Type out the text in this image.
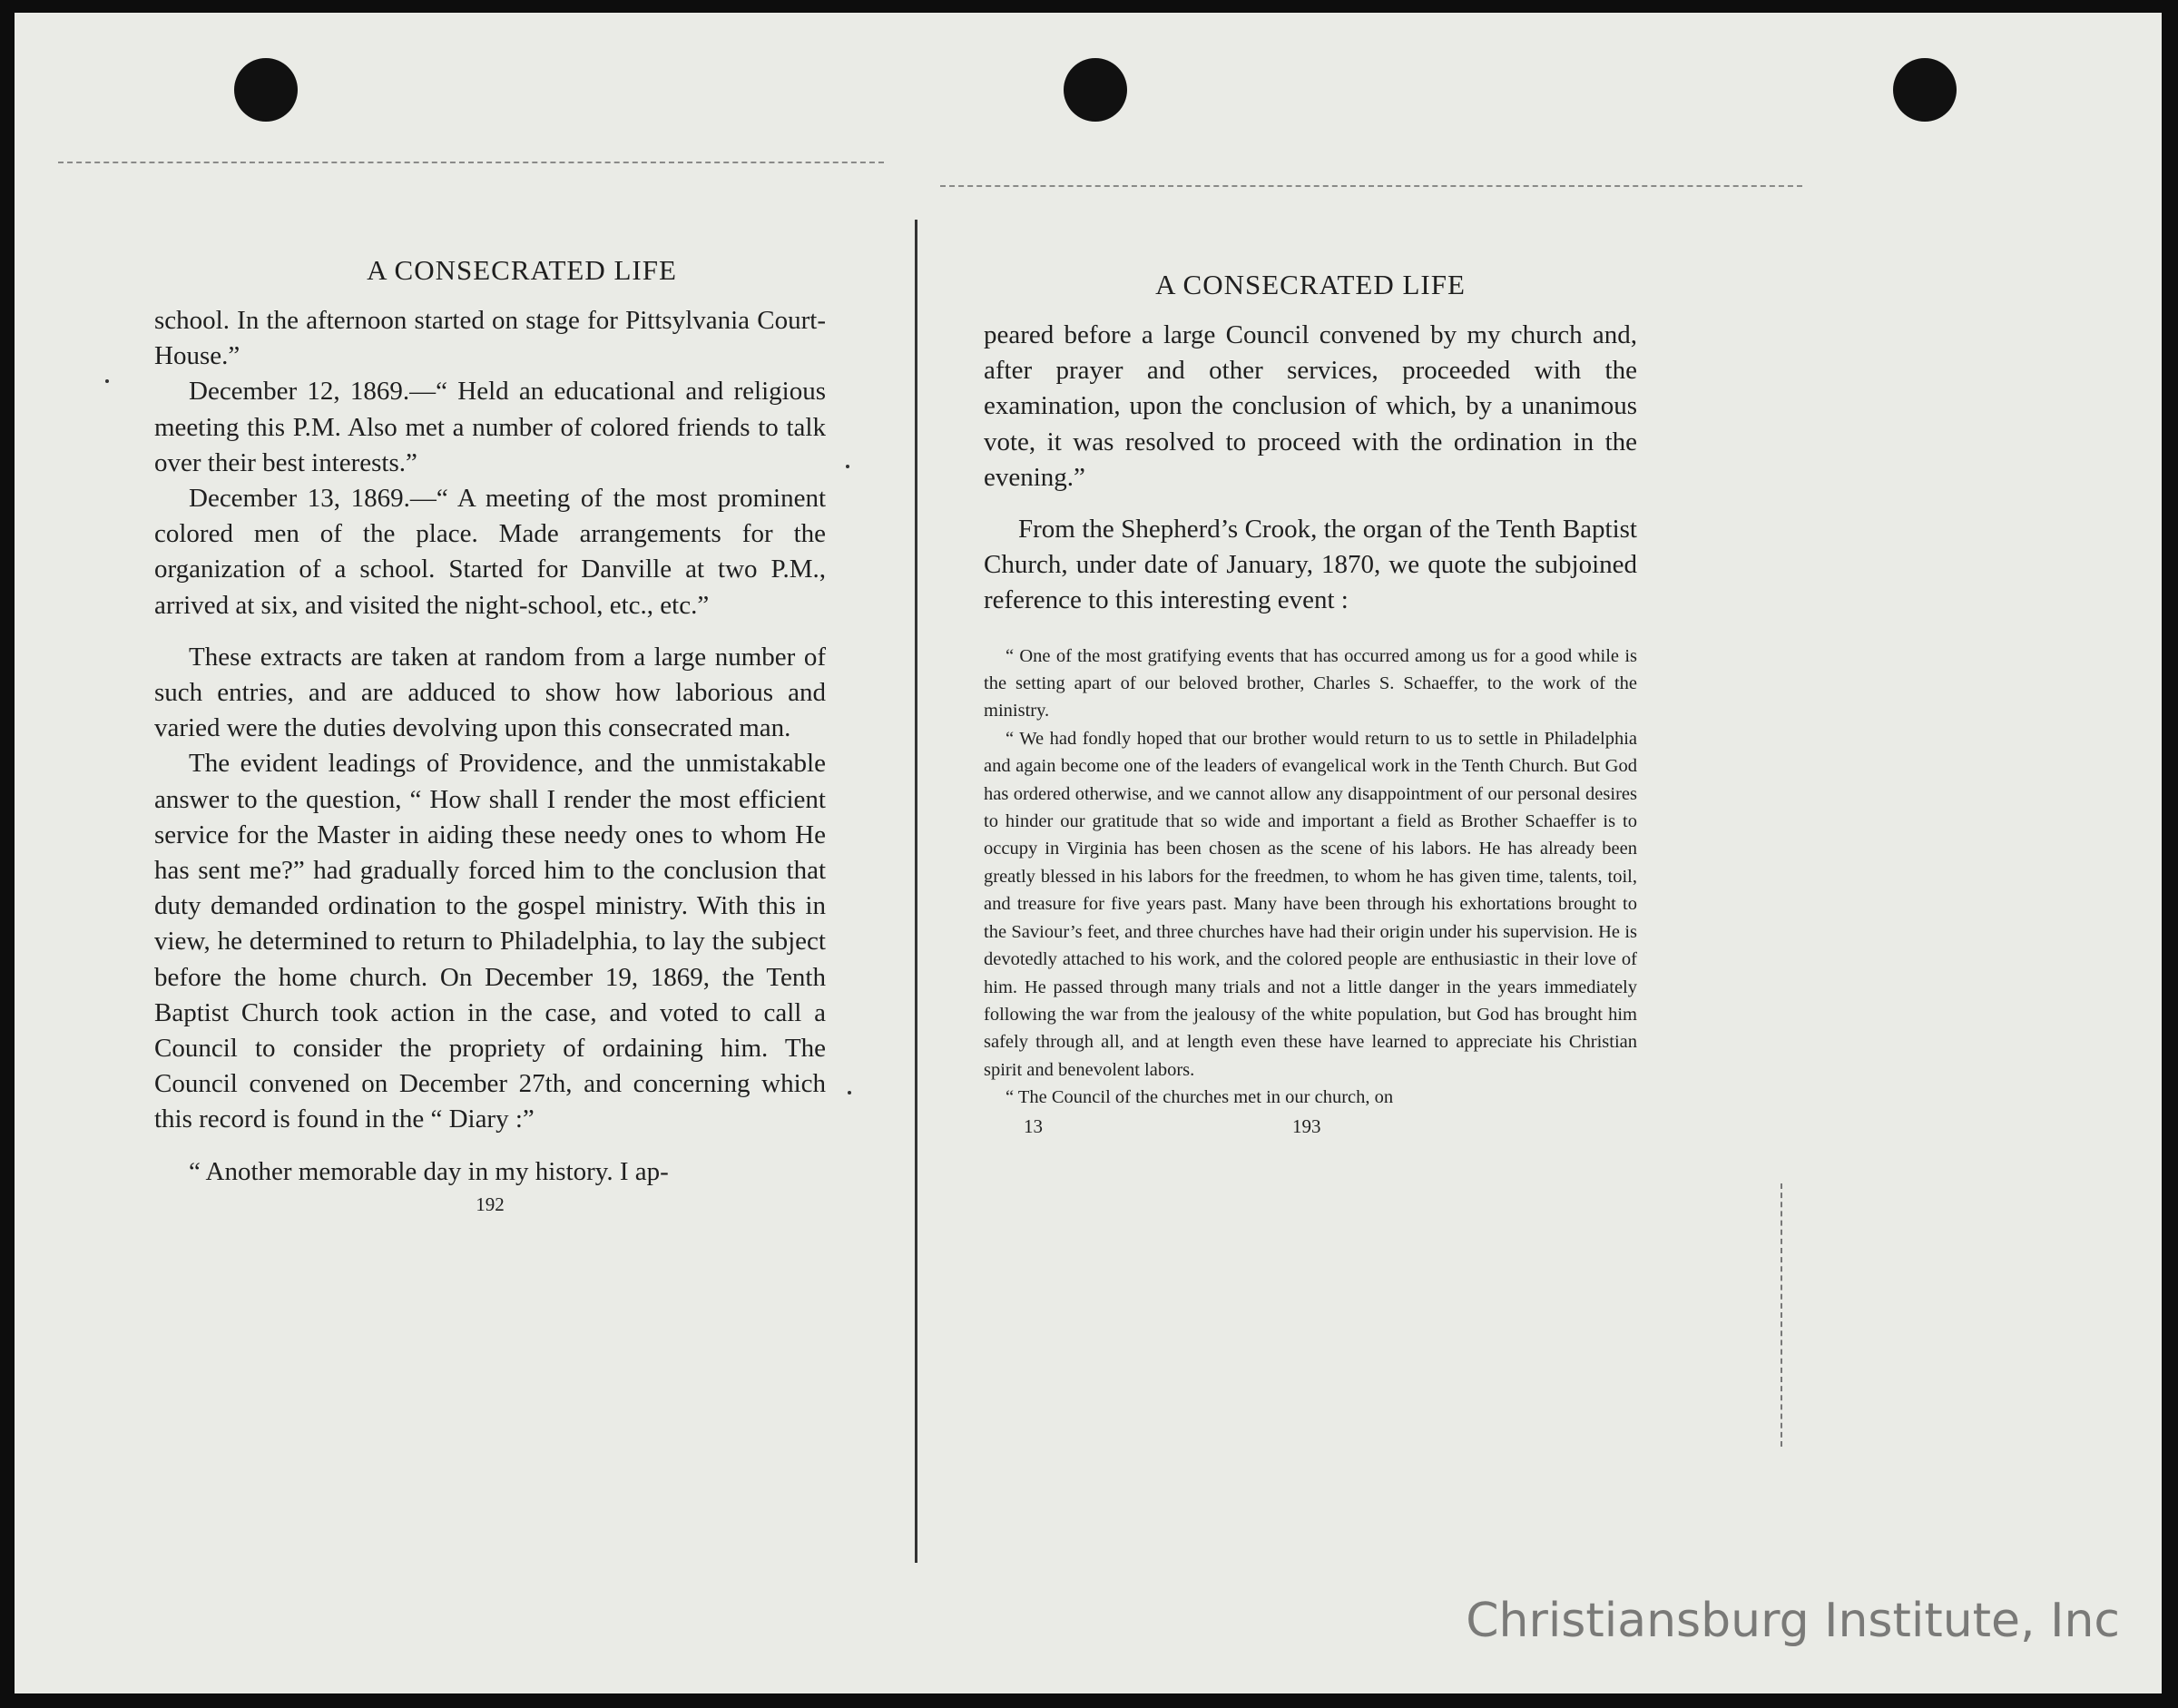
A CONSECRATED LIFE

school. In the afternoon started on stage for Pittsylvania Court-House.”

December 12, 1869.—“ Held an educational and religious meeting this P.M. Also met a number of colored friends to talk over their best interests.”

December 13, 1869.—“ A meeting of the most prominent colored men of the place. Made arrangements for the organization of a school. Started for Danville at two P.M., arrived at six, and visited the night-school, etc., etc.”

These extracts are taken at random from a large number of such entries, and are adduced to show how laborious and varied were the duties devolving upon this consecrated man.

The evident leadings of Providence, and the unmistakable answer to the question, “ How shall I render the most efficient service for the Master in aiding these needy ones to whom He has sent me?” had gradually forced him to the conclusion that duty demanded ordination to the gospel ministry. With this in view, he determined to return to Philadelphia, to lay the subject before the home church. On December 19, 1869, the Tenth Baptist Church took action in the case, and voted to call a Council to consider the propriety of ordaining him. The Council convened on December 27th, and concerning which this record is found in the “ Diary :”

“ Another memorable day in my history. I ap-

192
A CONSECRATED LIFE

peared before a large Council convened by my church and, after prayer and other services, proceeded with the examination, upon the conclusion of which, by a unanimous vote, it was resolved to proceed with the ordination in the evening.”

From the Shepherd’s Crook, the organ of the Tenth Baptist Church, under date of January, 1870, we quote the subjoined reference to this interesting event :

“ One of the most gratifying events that has occurred among us for a good while is the setting apart of our beloved brother, Charles S. Schaeffer, to the work of the ministry.

“ We had fondly hoped that our brother would return to us to settle in Philadelphia and again become one of the leaders of evangelical work in the Tenth Church. But God has ordered otherwise, and we cannot allow any disappointment of our personal desires to hinder our gratitude that so wide and important a field as Brother Schaeffer is to occupy in Virginia has been chosen as the scene of his labors. He has already been greatly blessed in his labors for the freedmen, to whom he has given time, talents, toil, and treasure for five years past. Many have been through his exhortations brought to the Saviour’s feet, and three churches have had their origin under his supervision. He is devotedly attached to his work, and the colored people are enthusiastic in their love of him. He passed through many trials and not a little danger in the years immediately following the war from the jealousy of the white population, but God has brought him safely through all, and at length even these have learned to appreciate his Christian spirit and benevolent labors.

“ The Council of the churches met in our church, on

13	193
Christiansburg Institute, Inc
